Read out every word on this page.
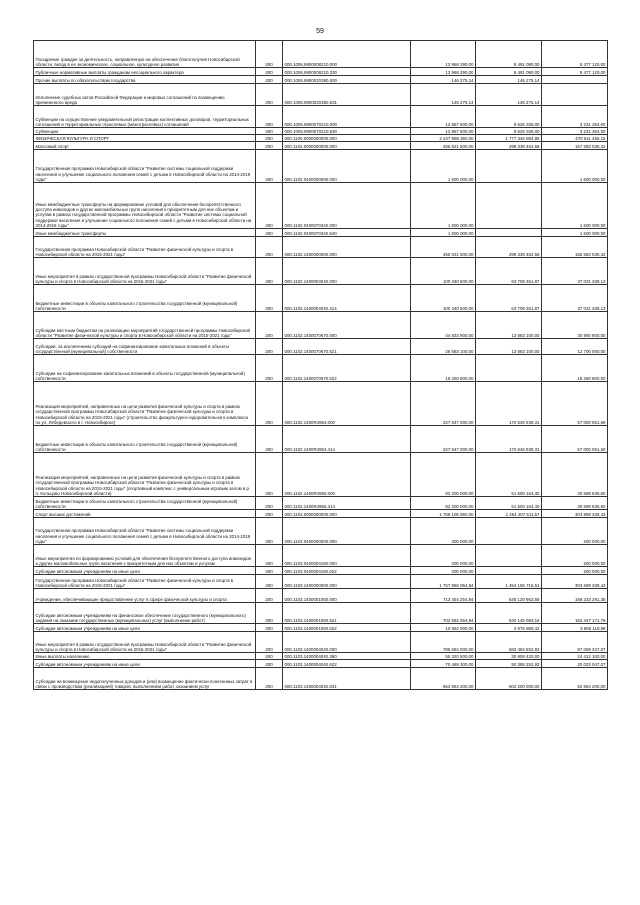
59
Поощрение граждан за деятельность, направленную на обеспечение благополучия Новосибирской области, вклад в ее экономическое, социальное, культурное развитие	200	000.1006.9900008210.000	13 968 290,00	8 491 090,00	5 477 120,00
Публичные нормативные выплаты гражданам несоциального характера	200	000.1006.9900008210.330	13 968 290,00	8 491 090,00	5 477 120,00
Прочие выплаты по обязательствам государства	200	000.1006.9900020380.000	146 275,14	146 275,14	
Исполнение судебных актов Российской Федерации и мировых соглашений по возмещению причиненного вреда	200	000.1006.9900020380.831	146 275,14	146 275,14	
Субвенции на осуществление уведомительной регистрации коллективных договоров, территориальных соглашений и территориальных отраслевых (межотраслевых) соглашений	200	000.1006.9900070210.000	12 857 600,00	9 626 336,00	3 231 264,00
Субвенции	200	000.1006.9900070210.530	12 857 600,00	9 626 336,00	3 231 264,00
ФИЗИЧЕСКАЯ КУЛЬТУРА И СПОРТ	200	000.1100.0000000000.000	2 247 958 350,00	1 777 346 894,85	470 611 455,15
Массовый спорт	200	000.1102.0000000000.000	456 621 500,00	299 339 464,58	157 282 035,42
Государственная программа Новосибирской области "Развитие системы социальной поддержки населения и улучшение социального положения семей с детьми в Новосибирской области на 2014-2019 годы"	200	000.1102.0400000000.000	1 600 000,00		1 600 000,00
Иные межбюджетные трансферты на формирование условий для обеспечения беспрепятственного доступа инвалидов и других маломобильных групп населения к приоритетным для них объектам и услугам в рамках государственной программы Новосибирской области "Развитие системы социальной поддержки населения и улучшение социального положения семей с детьми в Новосибирской области на 2014-2019 годы"	200	000.1102.0400070340.000	1 600 000,00		1 600 000,00
Иные межбюджетные трансферты	200	000.1102.0400070340.540	1 600 000,00		1 600 000,00
Государственная программа Новосибирской области "Развитие физической культуры и спорта в Новосибирской области на 2015-2021 годы"	200	000.1102.1400000000.000	455 021 500,00	299 339 464,58	155 682 035,42
Иные мероприятия в рамках государственной программы Новосибирской области "Развитие физической культуры и спорта в Новосибирской области на 2015-2021 годы"	200	000.1102.1400004040.000	100 340 600,00	63 709 261,87	37 031 338,13
Бюджетные инвестиции в объекты капитального строительства государственной (муниципальной) собственности	200	000.1102.1400004040.414	100 340 600,00	63 709 261,87	37 031 338,13
Субсидии местным бюджетам на реализацию мероприятий государственной программы Новосибирской области "Развитие физической культуры и спорта в Новосибирской области на 2015-2021 годы"	200	000.1102.1400070670.000	44 833 900,00	13 883 100,00	30 950 800,00
Субсидии, за исключением субсидий на софинансирование капитальных вложений в объекты государственной (муниципальной) собственности	200	000.1102.1400070670.521	26 583 100,00	13 883 100,00	12 700 000,00
Субсидии на софинансирование капитальных вложений в объекты государственной (муниципальной) собственности	200	000.1102.1400070670.522	18 250 800,00		18 250 800,00
Реализация мероприятий, направленных на цели развития физической культуры и спорта в рамках государственной программы Новосибирской области "Развитие физической культуры и спорта в Новосибирской области на 2015-2021 годы" (строительство физкультурно-оздоровительного комплекса по ул. Лебедевского в г. Новосибирске)	200	000.1102.1400R4954.000	227 647 000,00	170 646 938,31	57 000 061,69
Бюджетные инвестиции в объекты капитального строительства государственной (муниципальной) собственности	200	000.1102.1400R4954.414	227 647 000,00	170 646 938,31	57 000 061,69
Реализация мероприятий, направленных на цели развития физической культуры и спорта в рамках государственной программы Новосибирской области "Развитие физической культуры и спорта в Новосибирской области на 2015-2021 годы" (спортивный комплекс с универсальным игровым залом в р. п. Кольцово Новосибирской области)	200	000.1102.1400R4955.000	82 200 000,00	51 500 164,40	30 699 835,60
Бюджетные инвестиции в объекты капитального строительства государственной (муниципальной) собственности	200	000.1102.1400R4955.414	82 200 000,00	51 500 164,40	30 699 835,60
Спорт высших достижений	200	000.1103.0000000000.000	1 758 106 850,00	1 454 207 511,57	303 899 338,43
Государственная программа Новосибирской области "Развитие системы социальной поддержки населения и улучшение социального положения семей с детьми в Новосибирской области на 2014-2019 годы"	200	000.1103.0400000000.000	200 000,00		200 000,00
Иные мероприятия по формированию условий для обеспечения беспрепятственного доступа инвалидов и других маломобильных групп населения к приоритетным для них объектам и услугам	200	000.1103.0400004150.000	200 000,00		200 000,00
Субсидии автономным учреждениям на иные цели	200	000.1103.0400004150.622	200 000,00		200 000,00
Государственная программа Новосибирской области "Развитие физической культуры и спорта в Новосибирской области на 2015-2021 годы"	200	000.1103.1400000000.000	1 757 856 054,84	1 454 156 716,51	303 699 338,43
Учреждения, обеспечивающие предоставление услуг в сфере физической культуры и спорта	200	000.1103.1400001050.000	713 454 254,94	545 120 963,58	168 333 291,36
Субсидии автономным учреждениям на финансовое обеспечение государственного (муниципального) задания на оказание государственных (муниципальных) услуг (выполнение работ)	200	000.1103.1400001050.621	702 592 254,94	540 145 083,16	162 447 171,78
Субсидии автономным учреждениям на иные цели	200	000.1103.1400001050.622	10 862 000,00	4 975 880,42	5 886 119,58
Иные мероприятия в рамках государственной программы Новосибирской области "Развитие физической культуры и спорта в Новосибирской области на 2015-2021 годы"	200	000.1103.1400004040.000	785 694 000,00	683 484 652,93	97 069 347,07
Иные выплаты населению	200	000.1103.1400004040.360	55 320 500,00	30 908 420,00	24 412 100,00
Субсидии автономным учреждениям на иные цели	200	000.1103.1400004040.622	70 469 300,00	50 385 252,93	20 023 047,07
Субсидии на возмещение недополученных доходов и (или) возмещение фактически понесенных затрат в связи с производством (реализацией) товаров, выполнением работ, оказанием услуг	200	000.1103.1400004040.831	654 864 200,00	602 200 000,00	52 664 200,00
